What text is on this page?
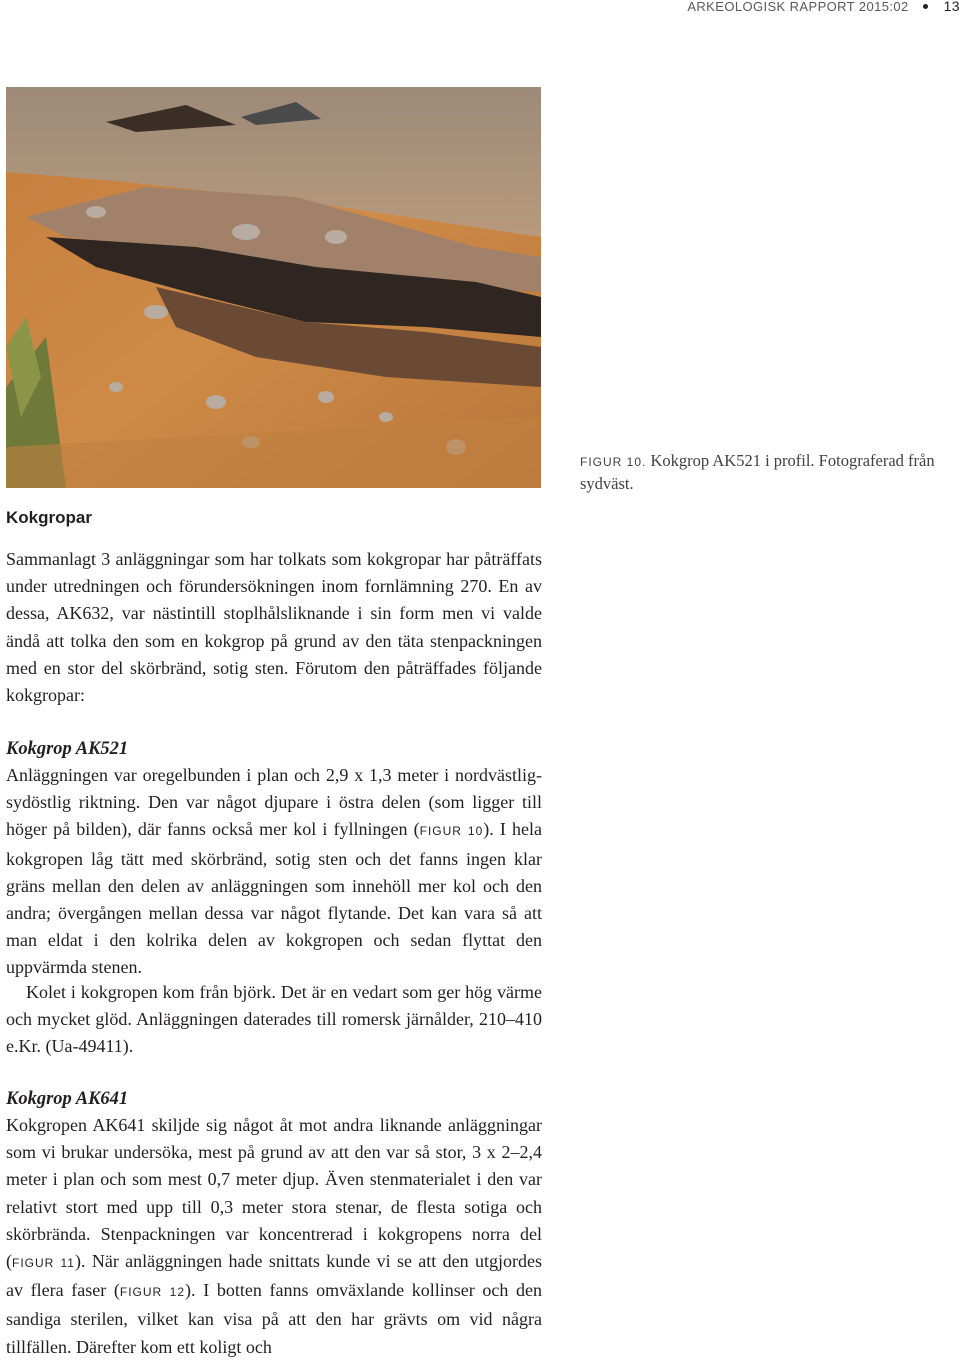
ARKEOLOGISK RAPPORT 2015:02	13
FIGUR 10. Kokgrop AK521 i profil. Fotograferad från sydväst.
Kokgropar

Sammanlagt 3 anläggningar som har tolkats som kokgropar har påträffats under utredningen och förundersökningen inom fornlämning 270. En av dessa, AK632, var nästintill stoplhålsliknande i sin form men vi valde ändå att tolka den som en kokgrop på grund av den täta stenpackningen med en stor del skörbränd, sotig sten. Förutom den påträffades följande kokgropar:

Kokgrop AK521

Anläggningen var oregelbunden i plan och 2,9 x 1,3 meter i nordvästlig-sydöstlig riktning. Den var något djupare i östra delen (som ligger till höger på bilden), där fanns också mer kol i fyllningen (FIGUR 10). I hela kokgropen låg tätt med skörbränd, sotig sten och det fanns ingen klar gräns mellan den delen av anläggningen som innehöll mer kol och den andra; övergången mellan dessa var något flytande. Det kan vara så att man eldat i den kolrika delen av kokgropen och sedan flyttat den uppvärmda stenen.

Kolet i kokgropen kom från björk. Det är en vedart som ger hög värme och mycket glöd. Anläggningen daterades till romersk järnålder, 210–410 e.Kr. (Ua-49411).

Kokgrop AK641

Kokgropen AK641 skiljde sig något åt mot andra liknande anläggningar som vi brukar undersöka, mest på grund av att den var så stor, 3 x 2–2,4 meter i plan och som mest 0,7 meter djup. Även stenmaterialet i den var relativt stort med upp till 0,3 meter stora stenar, de flesta sotiga och skörbrända. Stenpackningen var koncentrerad i kokgropens norra del (FIGUR 11). När anläggningen hade snittats kunde vi se att den utgjordes av flera faser (FIGUR 12). I botten fanns omväxlande kollinser och den sandiga sterilen, vilket kan visa på att den har grävts om vid några tillfällen. Därefter kom ett koligt och
